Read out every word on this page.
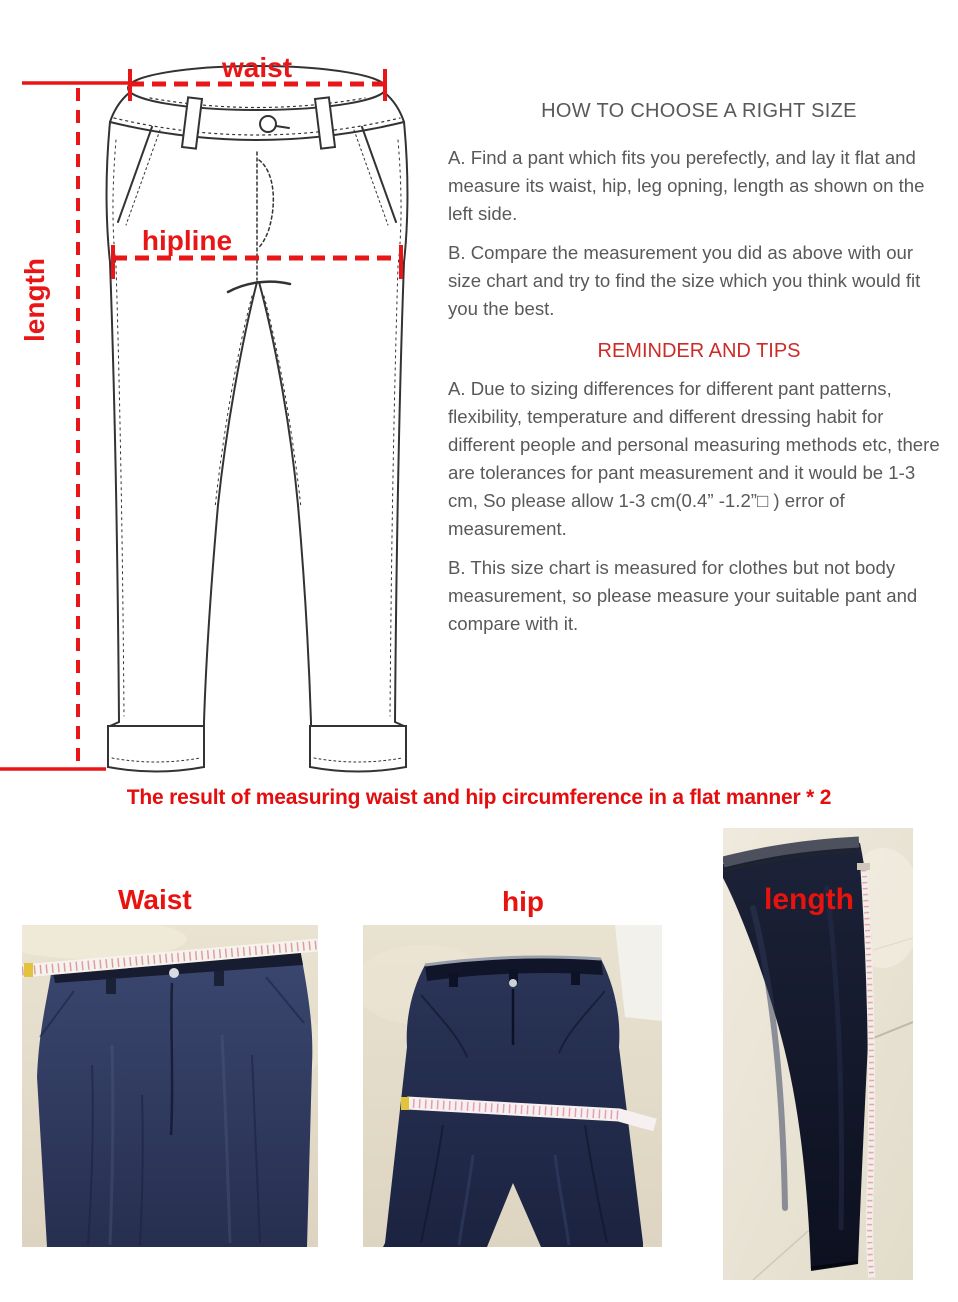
waist
hipline
length
HOW TO CHOOSE A RIGHT SIZE

A. Find a pant which fits you perefectly, and lay it flat and measure its waist, hip, leg opning, length as shown on the left side.

B. Compare the measurement you did as above with our size chart and try to find the size which you think would fit you the best.

REMINDER AND TIPS

A. Due to sizing differences for different pant patterns, flexibility, temperature and different dressing habit for different people and personal measuring methods etc, there are tolerances for pant measurement and it would be 1-3 cm, So please allow 1-3 cm(0.4” -1.2”□ ) error of measurement.

B. This size chart is measured for clothes but not body measurement, so please measure your suitable pant and compare with it.

The result of measuring waist and hip circumference in a flat manner * 2
Waist	hip	length
